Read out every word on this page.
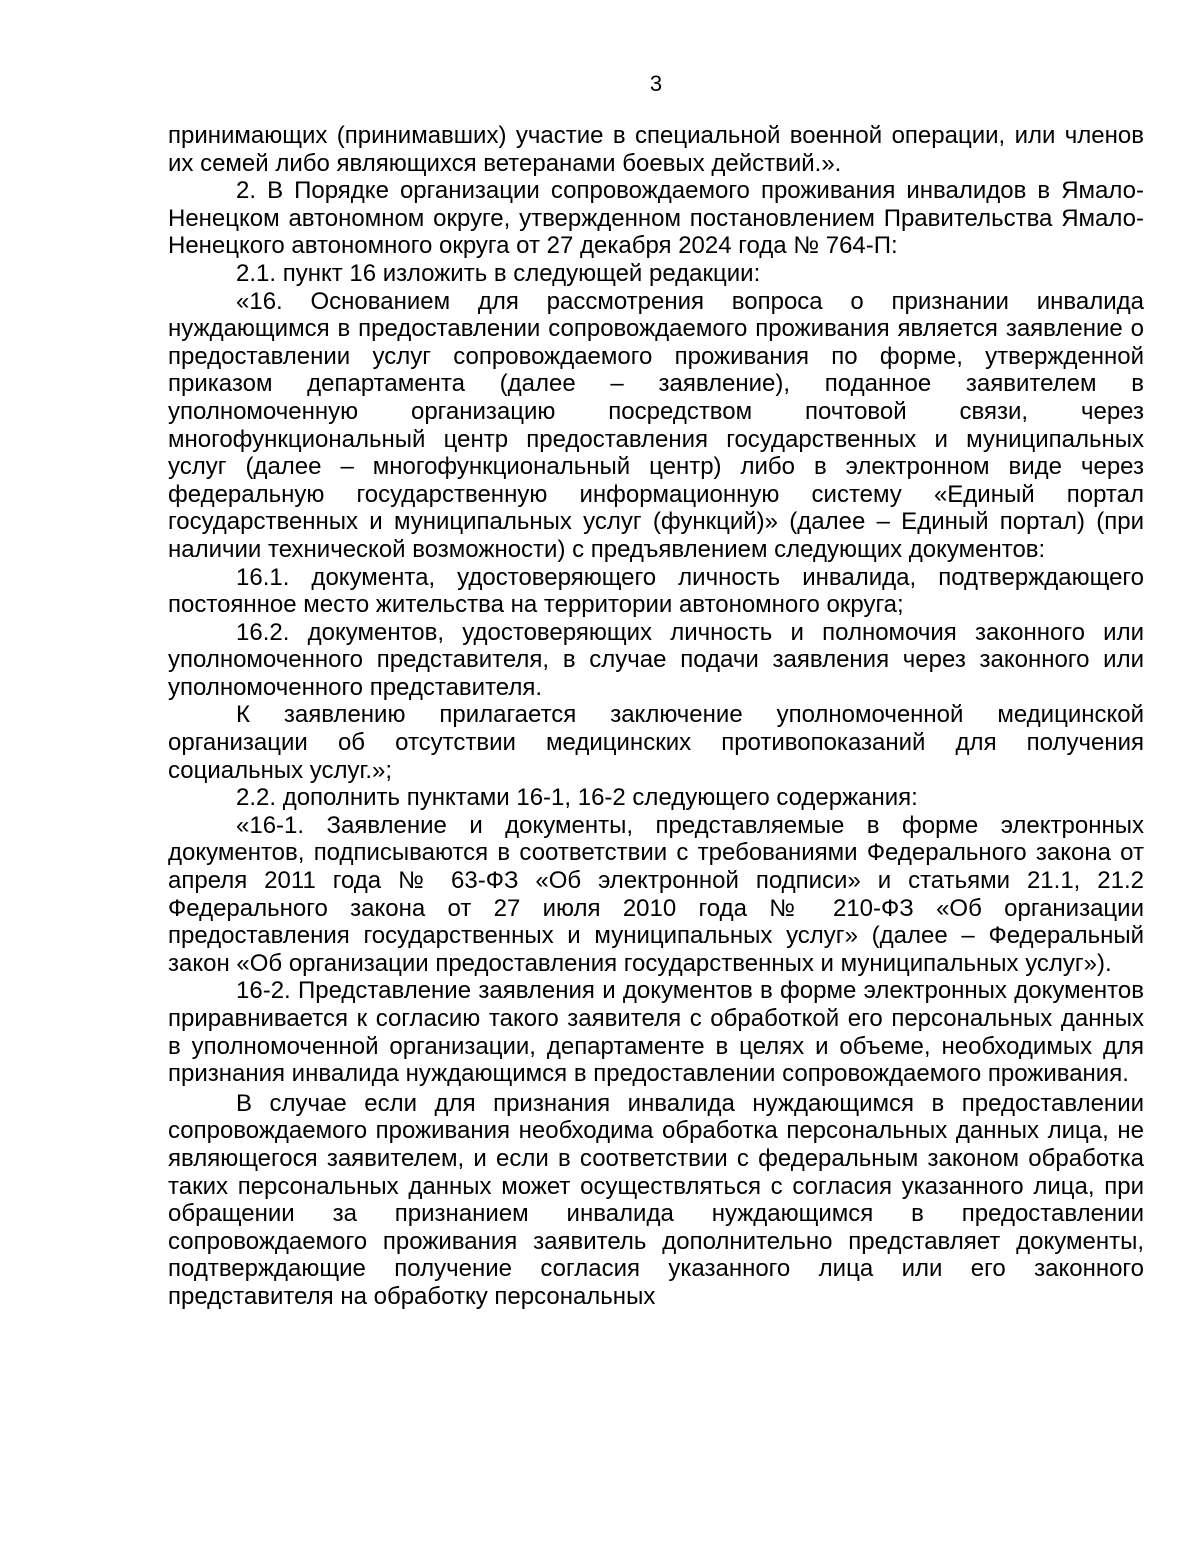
3

принимающих (принимавших) участие в специальной военной операции, или членов их семей либо являющихся ветеранами боевых действий.».

2. В Порядке организации сопровождаемого проживания инвалидов в Ямало-Ненецком автономном округе, утвержденном постановлением Правительства Ямало-Ненецкого автономного округа от 27 декабря 2024 года № 764-П:

2.1. пункт 16 изложить в следующей редакции:

«16. Основанием для рассмотрения вопроса о признании инвалида нуждающимся в предоставлении сопровождаемого проживания является заявление о предоставлении услуг сопровождаемого проживания по форме, утвержденной приказом департамента (далее – заявление), поданное заявителем в уполномоченную организацию посредством почтовой связи, через многофункциональный центр предоставления государственных и муниципальных услуг (далее – многофункциональный центр) либо в электронном виде через федеральную государственную информационную систему «Единый портал государственных и муниципальных услуг (функций)» (далее – Единый портал) (при наличии технической возможности) с предъявлением следующих документов:

16.1. документа, удостоверяющего личность инвалида, подтверждающего постоянное место жительства на территории автономного округа;

16.2. документов, удостоверяющих личность и полномочия законного или уполномоченного представителя, в случае подачи заявления через законного или уполномоченного представителя.

К заявлению прилагается заключение уполномоченной медицинской организации об отсутствии медицинских противопоказаний для получения социальных услуг.»;

2.2. дополнить пунктами 16-1, 16-2 следующего содержания:

«16-1. Заявление и документы, представляемые в форме электронных документов, подписываются в соответствии с требованиями Федерального закона от апреля 2011 года № 63-ФЗ «Об электронной подписи» и статьями 21.1, 21.2 Федерального закона от 27 июля 2010 года № 210-ФЗ «Об организации предоставления государственных и муниципальных услуг» (далее – Федеральный закон «Об организации предоставления государственных и муниципальных услуг»).

16-2. Представление заявления и документов в форме электронных документов приравнивается к согласию такого заявителя с обработкой его персональных данных в уполномоченной организации, департаменте в целях и объеме, необходимых для признания инвалида нуждающимся в предоставлении сопровождаемого проживания.

В случае если для признания инвалида нуждающимся в предоставлении сопровождаемого проживания необходима обработка персональных данных лица, не являющегося заявителем, и если в соответствии с федеральным законом обработка таких персональных данных может осуществляться с согласия указанного лица, при обращении за признанием инвалида нуждающимся в предоставлении сопровождаемого проживания заявитель дополнительно представляет документы, подтверждающие получение согласия указанного лица или его законного представителя на обработку персональных
